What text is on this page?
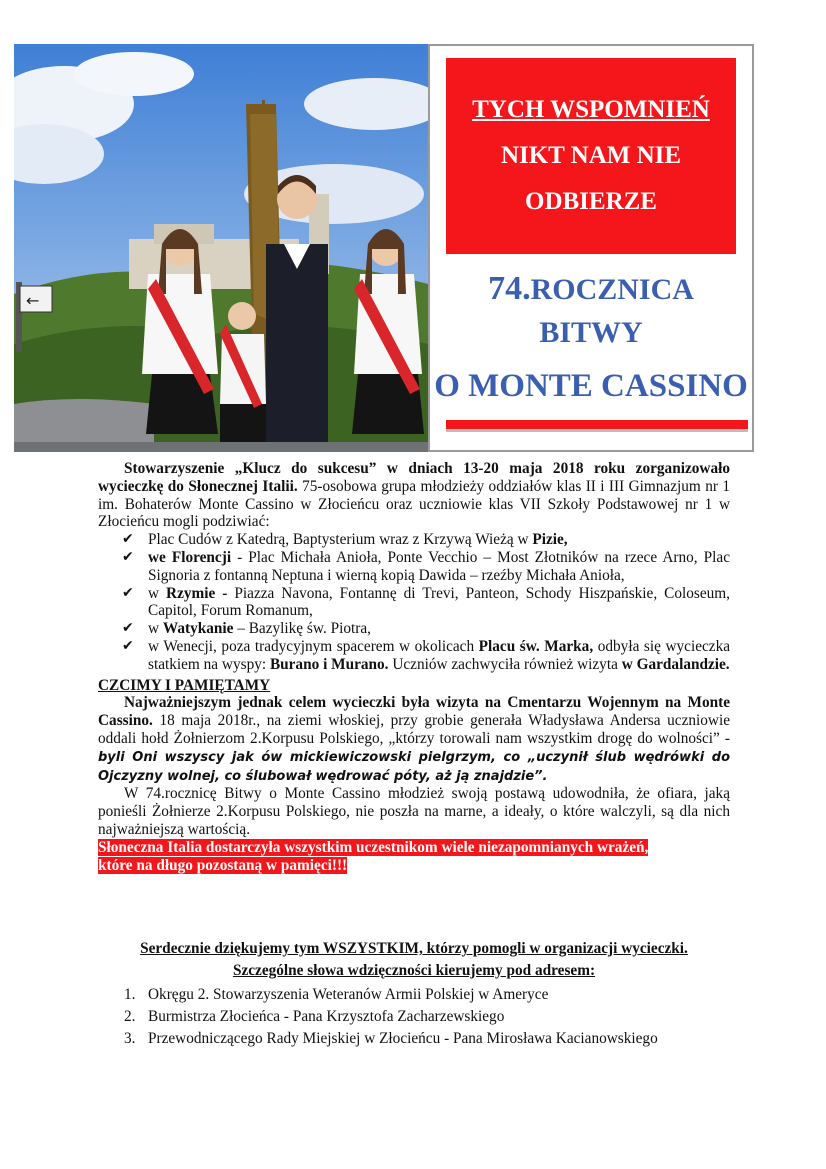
←
TYCH WSPOMNIEŃ
NIKT NAM NIE
ODBIERZE
74.ROCZNICA
BITWY
O MONTE CASSINO

Stowarzyszenie „Klucz do sukcesu” w dniach 13-20 maja 2018 roku zorganizowało wycieczkę do Słonecznej Italii. 75-osobowa grupa młodzieży oddziałów klas II i III Gimnazjum nr 1 im. Bohaterów Monte Cassino w Złocieńcu oraz uczniowie klas VII Szkoły Podstawowej nr 1 w Złocieńcu mogli podziwiać:

✔ Plac Cudów z Katedrą, Baptysterium wraz z Krzywą Wieżą w Pizie,
✔ we Florencji - Plac Michała Anioła, Ponte Vecchio – Most Złotników na rzece Arno, Plac Signoria z fontanną Neptuna i wierną kopią Dawida – rzeźby Michała Anioła,
✔ w Rzymie - Piazza Navona, Fontannę di Trevi, Panteon, Schody Hiszpańskie, Coloseum, Capitol, Forum Romanum,
✔ w Watykanie – Bazylikę św. Piotra,
✔ w Wenecji, poza tradycyjnym spacerem w okolicach Placu św. Marka, odbyła się wycieczka statkiem na wyspy: Burano i Murano. Uczniów zachwyciła również wizyta w Gardalandzie.

CZCIMY I PAMIĘTAMY

Najważniejszym jednak celem wycieczki była wizyta na Cmentarzu Wojennym na Monte Cassino. 18 maja 2018r., na ziemi włoskiej, przy grobie generała Władysława Andersa uczniowie oddali hołd Żołnierzom 2.Korpusu Polskiego, „którzy torowali nam wszystkim drogę do wolności” - byli Oni wszyscy jak ów mickiewiczowski pielgrzym, co „uczynił ślub wędrówki do Ojczyzny wolnej, co ślubował wędrować póty, aż ją znajdzie”.

W 74.rocznicę Bitwy o Monte Cassino młodzież swoją postawą udowodniła, że ofiara, jaką ponieśli Żołnierze 2.Korpusu Polskiego, nie poszła na marne, a ideały, o które walczyli, są dla nich najważniejszą wartością.

Słoneczna Italia dostarczyła wszystkim uczestnikom wiele niezapomnianych wrażeń,

które na długo pozostaną w pamięci!!!

Serdecznie dziękujemy tym WSZYSTKIM, którzy pomogli w organizacji wycieczki.
Szczególne słowa wdzięczności kierujemy pod adresem:
1. Okręgu 2. Stowarzyszenia Weteranów Armii Polskiej w Ameryce
2. Burmistrza Złocieńca - Pana Krzysztofa Zacharzewskiego
3. Przewodniczącego Rady Miejskiej w Złocieńcu - Pana Mirosława Kacianowskiego
